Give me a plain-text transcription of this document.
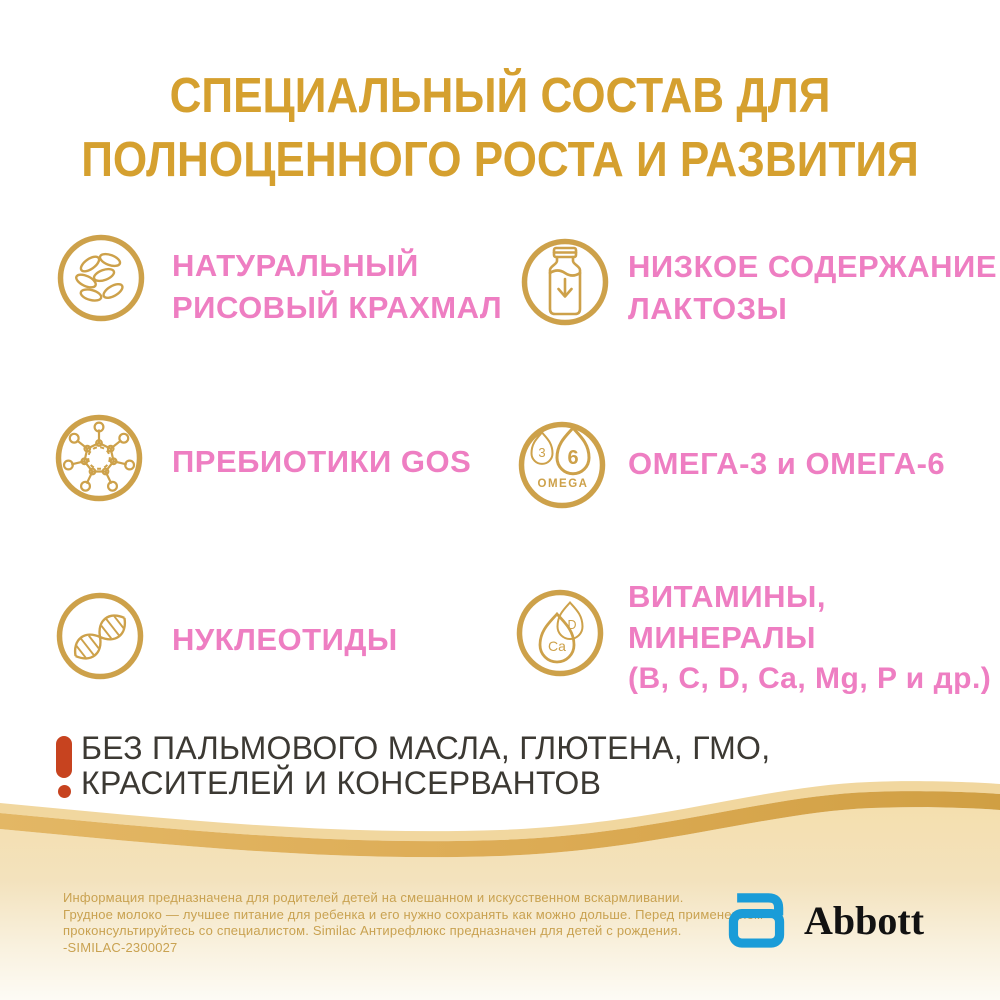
СПЕЦИАЛЬНЫЙ СОСТАВ ДЛЯ
ПОЛНОЦЕННОГО РОСТА И РАЗВИТИЯ
НАТУРАЛЬНЫЙ
РИСОВЫЙ КРАХМАЛ
НИЗКОЕ СОДЕРЖАНИЕ
ЛАКТОЗЫ
ПРЕБИОТИКИ GOS	3 6
OMEGA
ОМЕГА-3 и ОМЕГА-6
НУКЛЕОТИДЫ	D
Ca
ВИТАМИНЫ,
МИНЕРАЛЫ
(B, C, D, Ca, Mg, P и др.)
БЕЗ ПАЛЬМОВОГО МАСЛА, ГЛЮТЕНА, ГМО,
КРАСИТЕЛЕЙ И КОНСЕРВАНТОВ
Информация предназначена для родителей детей на смешанном и искусственном вскармливании.
Грудное молоко — лучшее питание для ребенка и его нужно сохранять как можно дольше. Перед применением
проконсультируйтесь со специалистом. Similac Антирефлюкс предназначен для детей с рождения.
-SIMILAC-2300027
Abbott
